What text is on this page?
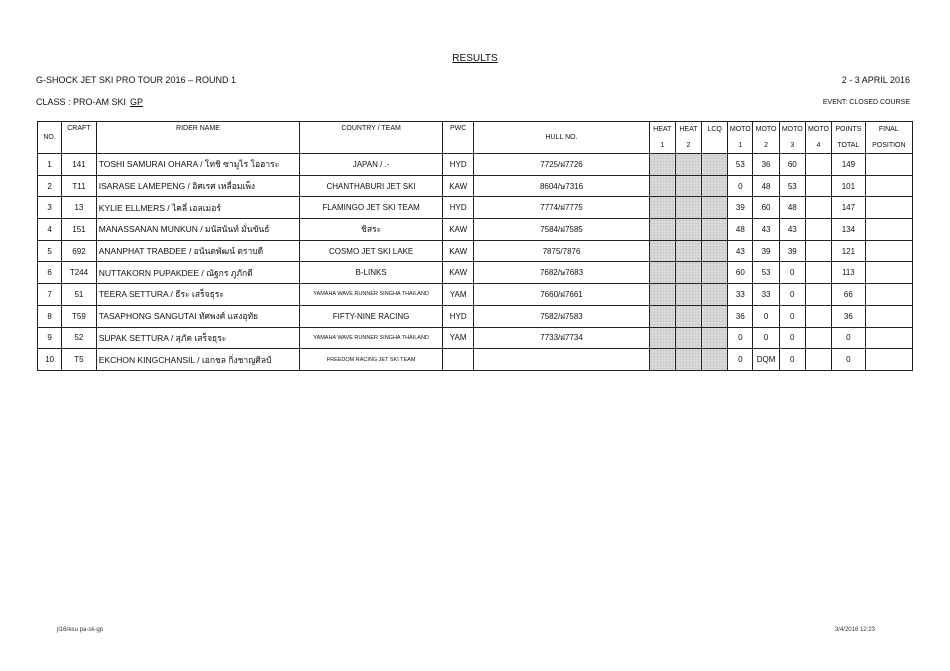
RESULTS
G-SHOCK JET SKI PRO TOUR 2016 – ROUND 1	2 - 3 APRIL 2016
CLASS : PRO-AM SKI GP	EVENT: CLOSED COURSE
NO.	CRAFT	RIDER NAME	COUNTRY / TEAM	PWC	HULL NO.	HEAT	HEAT	LCQ	MOTO	MOTO	MOTO	MOTO	POINTS	FINAL
						1	2		1	2	3	4	TOTAL	POSITION
1	141	TOSHI SAMURAI OHARA / โทชิ ซามูไร โอฮาระ	JAPAN / .-	HYD	7725/ฝ7726				53	36	60		149	
2	T11	ISARASE LAMEPENG / อิศเรศ เหลื่อมเพ็ง	CHANTHABURI JET SKI	KAW	8604/ษ7316				0	48	53		101	
3	13	KYLIE ELLMERS / ไคลี่ เอลเมอร์	FLAMINGO JET SKI TEAM	HYD	7774/ฝ7775				39	60	48		147	
4	151	MANASSANAN MUNKUN / มนัสนันท์ มั่นขันธ์	ชิสระ	KAW	7584/ฝ7585				48	43	43		134	
5	692	ANANPHAT TRABDEE / อนันตพัฒน์ ตราบดี	COSMO JET SKI LAKE	KAW	7875/7876				43	39	39		121	
6	T244	NUTTAKORN PUPAKDEE / ณัฐกร ภูภักดี	B-LINKS	KAW	7682/ษ7683				60	53	0		113	
7	51	TEERA SETTURA / ธีระ เสร็จธุระ	YAMAHA WAVE RUNNER SINGHA THAILAND	YAM	7660/ฝ7661				33	33	0		66	
8	T59	TASAPHONG SANGUTAI ทัศพงศ์ แสงอุทัย	FIFTY-NINE RACING	HYD	7582/ฝ7583				36	0	0		36	
9	52	SUPAK SETTURA / สุภัค เสร็จธุระ	YAMAHA WAVE RUNNER SINGHA THAILAND	YAM	7733/ฝ7734				0	0	0		0	
10	T5	EKCHON KINGCHANSIL / เอกชล กิ่งชาญศิลป์	FREEDOM RACING JET SKI TEAM						0	DQM	0		0	
jl16resu pa-sk-gp	3/4/2016 12:23
